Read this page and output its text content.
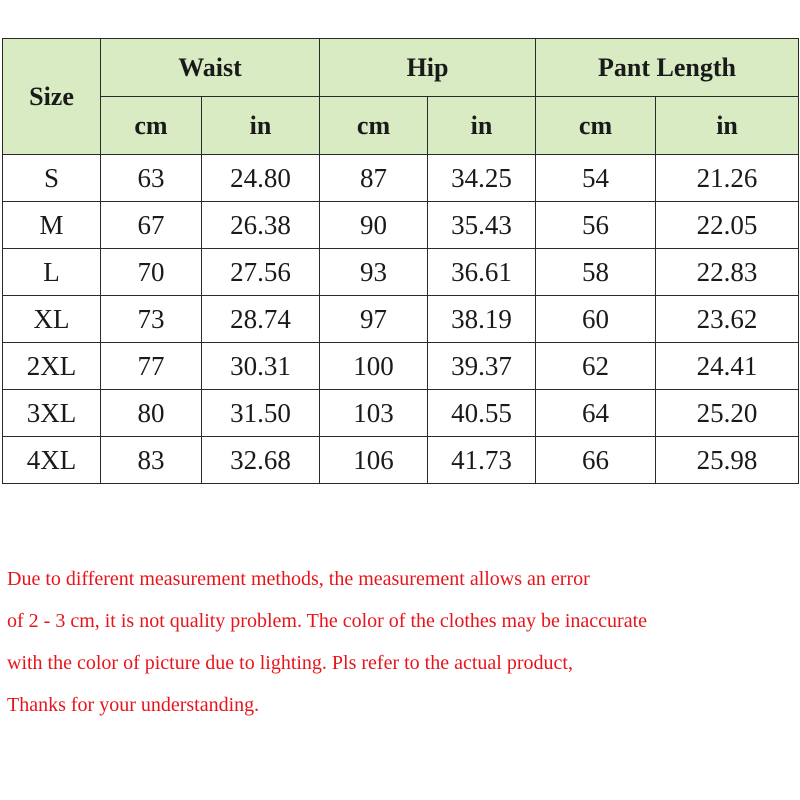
Size	Waist		Hip		Pant Length	
	cm	in	cm	in	cm	in
S	63	24.80	87	34.25	54	21.26
M	67	26.38	90	35.43	56	22.05
L	70	27.56	93	36.61	58	22.83
XL	73	28.74	97	38.19	60	23.62
2XL	77	30.31	100	39.37	62	24.41
3XL	80	31.50	103	40.55	64	25.20
4XL	83	32.68	106	41.73	66	25.98
Due to different measurement methods, the measurement allows an error
of 2 - 3 cm, it is not quality problem. The color of the clothes may be inaccurate
with the color of picture due to lighting. Pls refer to the actual product,
Thanks for your understanding.
